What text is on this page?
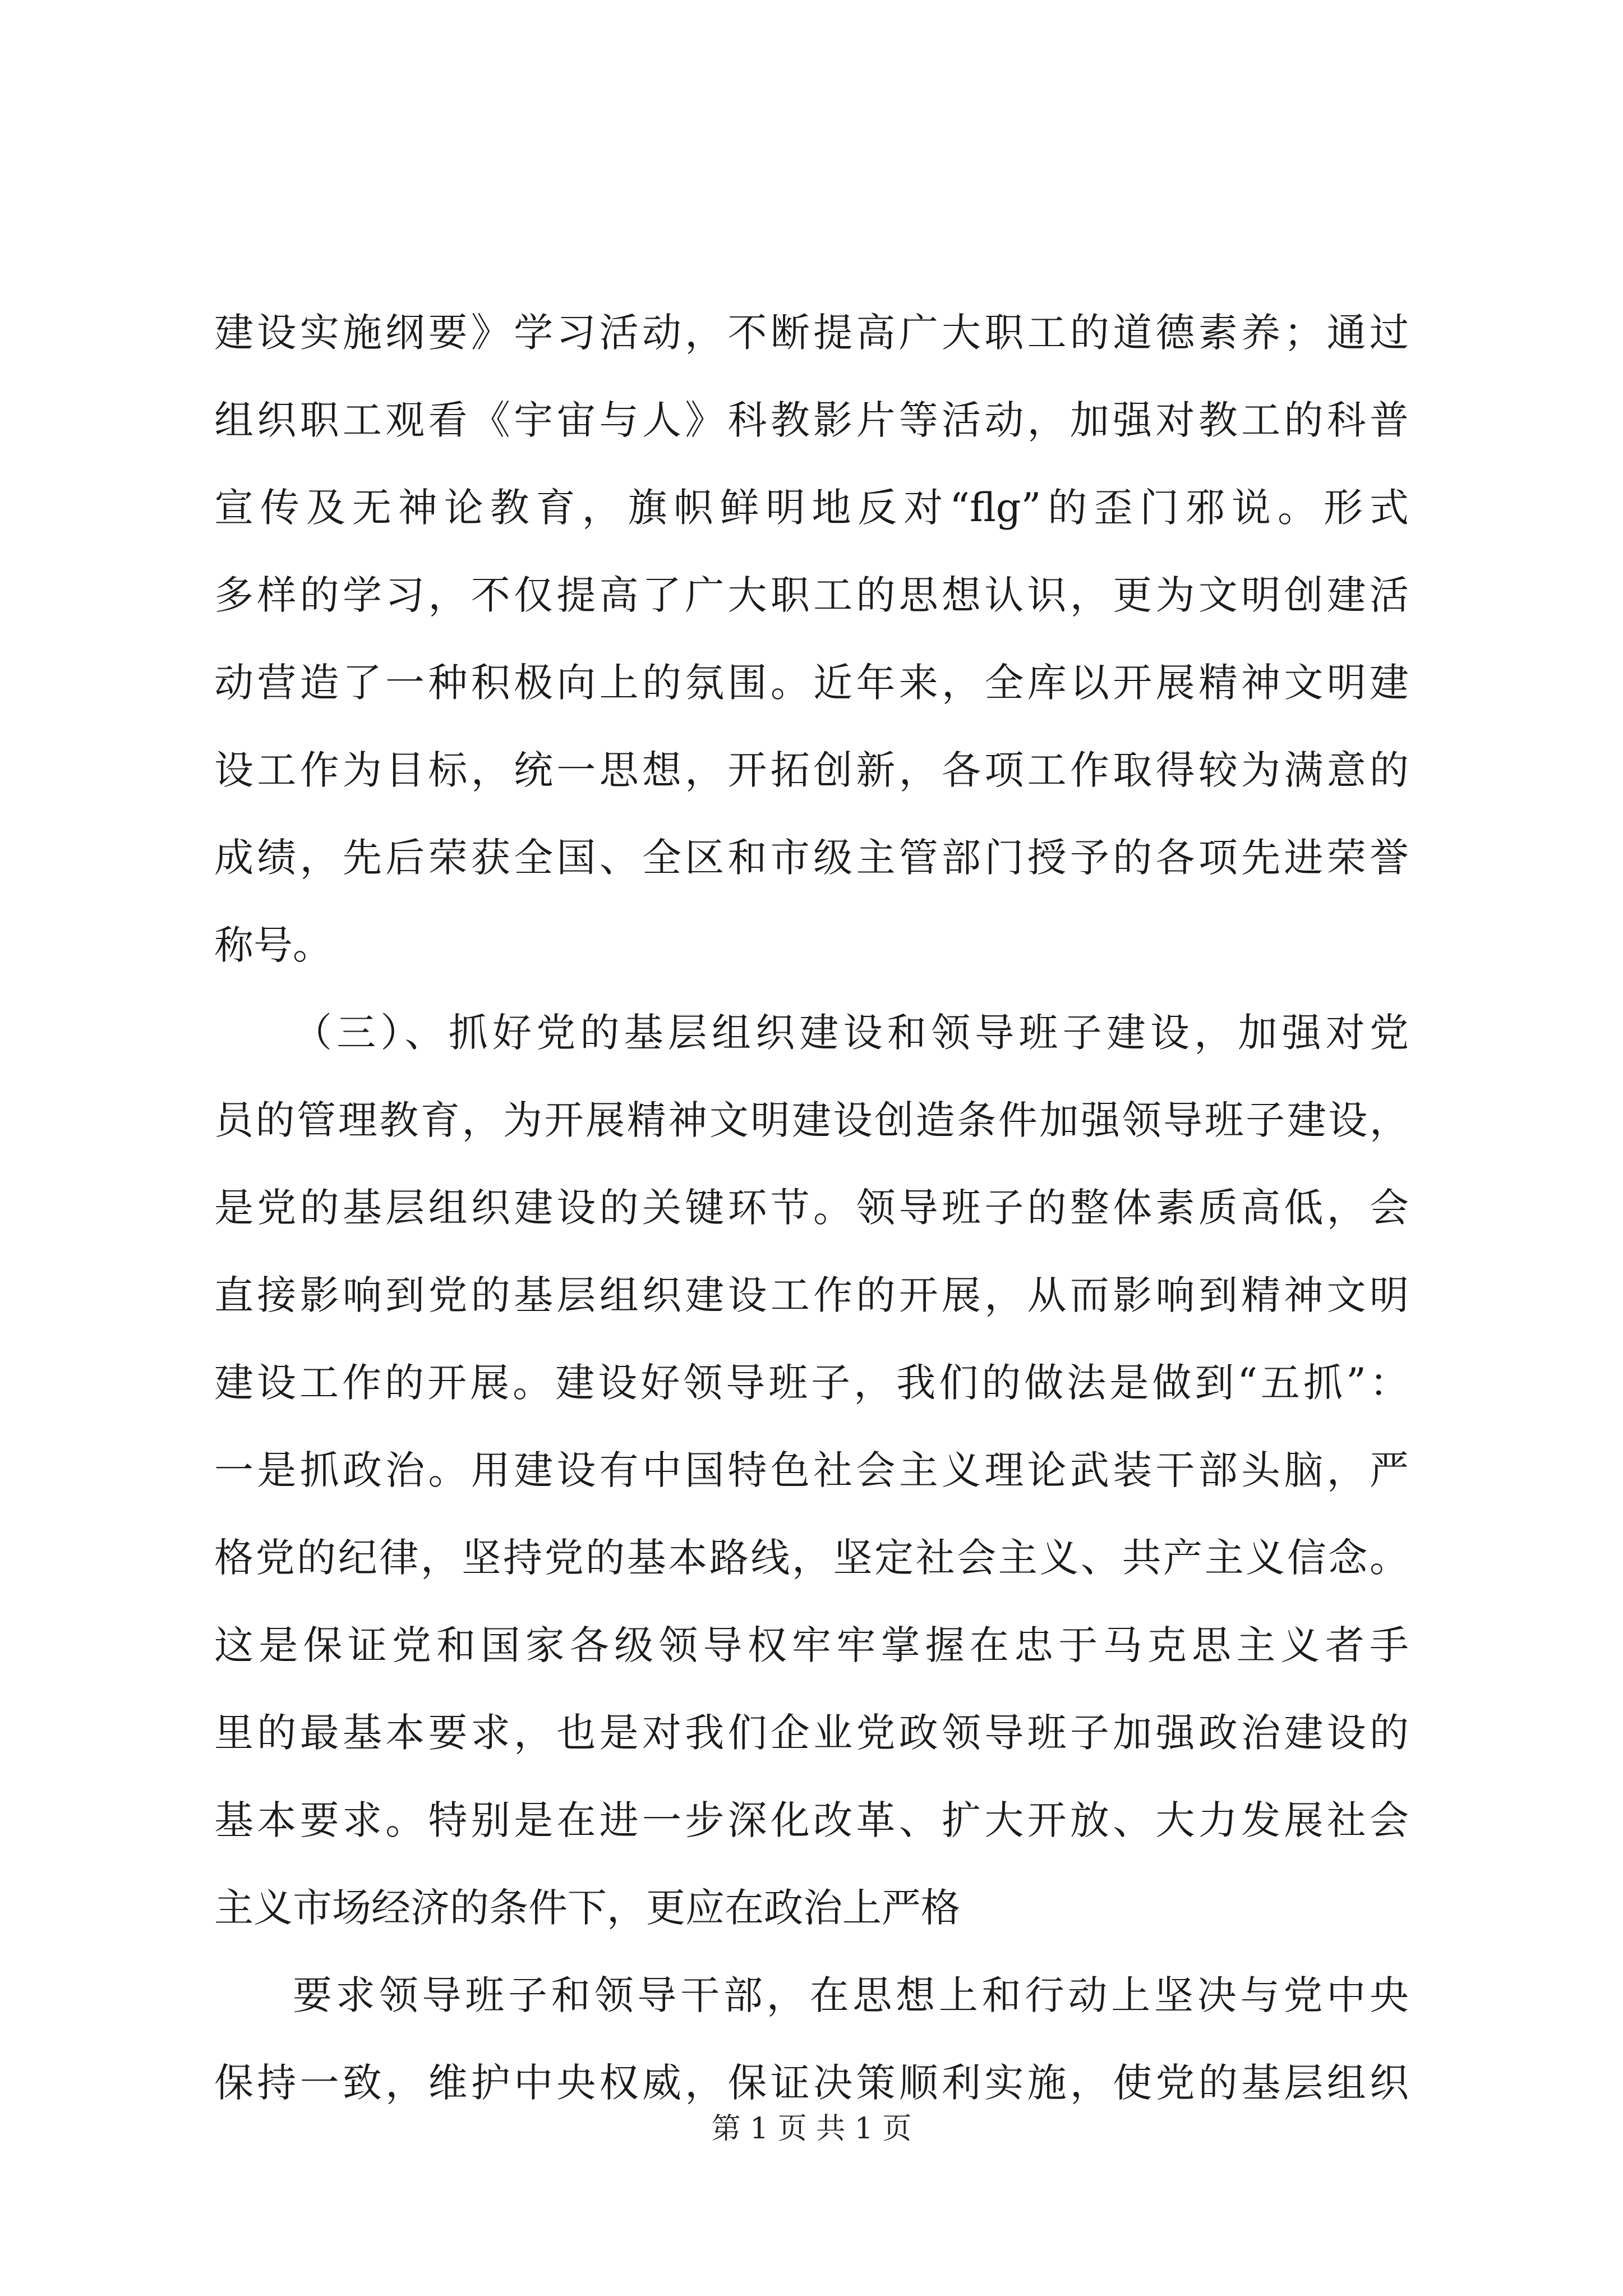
建设实施纲要》学习活动，不断提高广大职工的道德素养；通过
组织职工观看《宇宙与人》科教影片等活动，加强对教工的科普
宣传及无神论教育，旗帜鲜明地反对“flg”的歪门邪说。形式
多样的学习，不仅提高了广大职工的思想认识，更为文明创建活
动营造了一种积极向上的氛围。近年来，全库以开展精神文明建
设工作为目标，统一思想，开拓创新，各项工作取得较为满意的
成绩，先后荣获全国、全区和市级主管部门授予的各项先进荣誉
称号。
（三）、抓好党的基层组织建设和领导班子建设，加强对党
员的管理教育，为开展精神文明建设创造条件加强领导班子建设，
是党的基层组织建设的关键环节。领导班子的整体素质高低，会
直接影响到党的基层组织建设工作的开展，从而影响到精神文明
建设工作的开展。建设好领导班子，我们的做法是做到“五抓”：
一是抓政治。用建设有中国特色社会主义理论武装干部头脑，严
格党的纪律，坚持党的基本路线，坚定社会主义、共产主义信念。
这是保证党和国家各级领导权牢牢掌握在忠于马克思主义者手
里的最基本要求，也是对我们企业党政领导班子加强政治建设的
基本要求。特别是在进一步深化改革、扩大开放、大力发展社会
主义市场经济的条件下，更应在政治上严格
要求领导班子和领导干部，在思想上和行动上坚决与党中央
保持一致，维护中央权威，保证决策顺利实施，使党的基层组织
第 1 页 共 1 页
